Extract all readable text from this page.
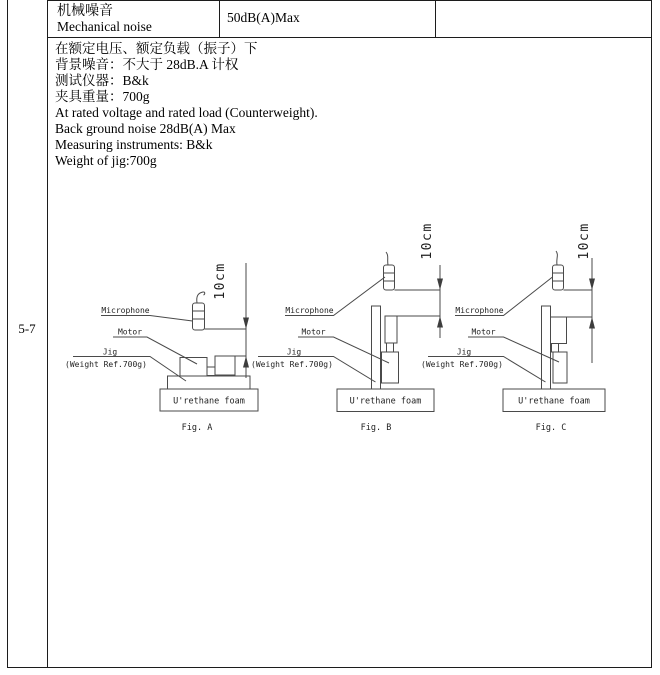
机械噪音
Mechanical noise
50dB(A)Max
5-7
在额定电压、额定负载（振子）下
背景噪音：不大于 28dB.A 计权
测试仪器：B&k
夹具重量：700g
At rated voltage and rated load (Counterweight).
Back ground noise 28dB(A) Max
Measuring instruments: B&k
Weight of jig:700g
U'rethane foam
10cm
Microphone
Motor
Jig
(Weight Ref.700g)
Fig. A
U'rethane foam
10cm
Microphone
Motor
Jig
(Weight Ref.700g)
Fig. B
U'rethane foam
10cm
Microphone
Motor
Jig
(Weight Ref.700g)
Fig. C
